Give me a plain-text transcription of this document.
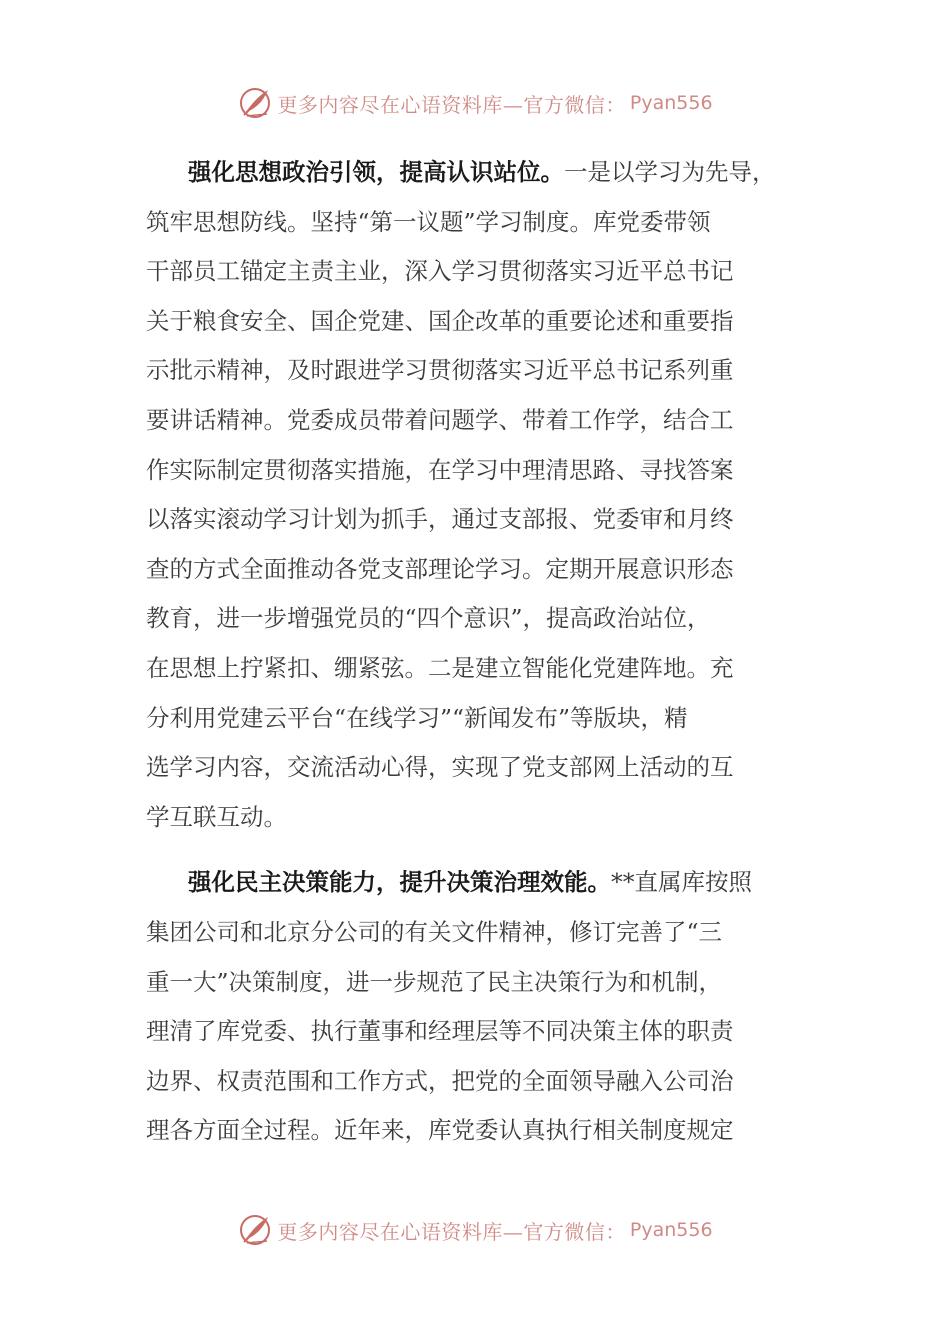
更多内容尽在心语资料库—官方微信： Pyan556
强化思想政治引领，提高认识站位。一是以学习为先导，
筑牢思想防线。坚持“第一议题”学习制度。库党委带领
干部员工锚定主责主业，深入学习贯彻落实习近平总书记
关于粮食安全、国企党建、国企改革的重要论述和重要指
示批示精神，及时跟进学习贯彻落实习近平总书记系列重
要讲话精神。党委成员带着问题学、带着工作学，结合工
作实际制定贯彻落实措施，在学习中理清思路、寻找答案
以落实滚动学习计划为抓手，通过支部报、党委审和月终
查的方式全面推动各党支部理论学习。定期开展意识形态
教育，进一步增强党员的“四个意识”，提高政治站位，
在思想上拧紧扣、绷紧弦。二是建立智能化党建阵地。充
分利用党建云平台“在线学习”“新闻发布”等版块，精
选学习内容，交流活动心得，实现了党支部网上活动的互
学互联互动。
强化民主决策能力，提升决策治理效能。**直属库按照
集团公司和北京分公司的有关文件精神，修订完善了“三
重一大”决策制度，进一步规范了民主决策行为和机制，
理清了库党委、执行董事和经理层等不同决策主体的职责
边界、权责范围和工作方式，把党的全面领导融入公司治
理各方面全过程。近年来，库党委认真执行相关制度规定
更多内容尽在心语资料库—官方微信： Pyan556
